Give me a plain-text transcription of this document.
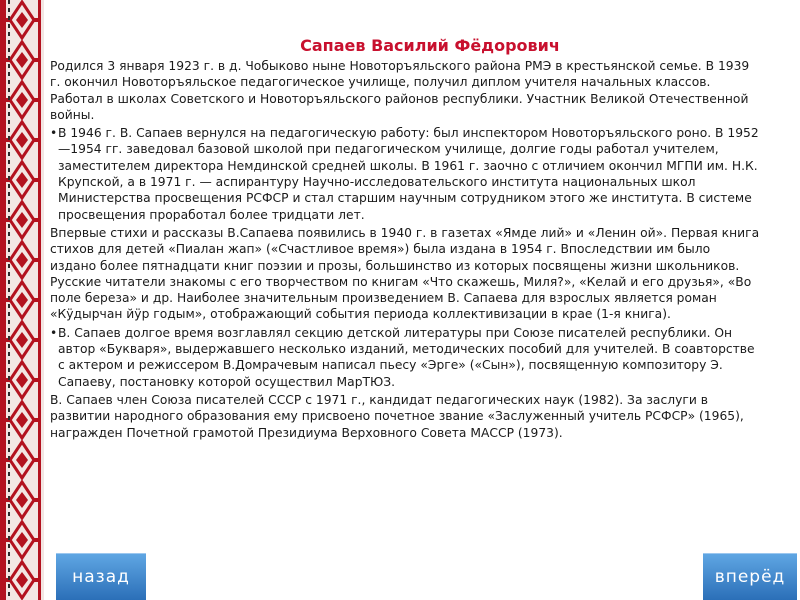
Сапаев Василий Фёдорович

Родился 3 января 1923 г. в д. Чобыково ныне Новоторъяльского района РМЭ в крестьянской семье. В 1939 г. окончил Новоторъяльское педагогическое училище, получил диплом учителя начальных классов. Работал в школах Советского и Новоторъяльского районов республики. Участник Великой Отечественной войны.

•В 1946 г. В. Сапаев вернулся на педагогическую работу: был инспектором Новоторъяльского роно. В 1952—1954 гг. заведовал базовой школой при педагогическом училище, долгие годы работал учителем, заместителем директора Немдинской средней школы. В 1961 г. заочно с отличием окончил МГПИ им. Н.К. Крупской, а в 1971 г. — аспирантуру Научно-исследовательского института национальных школ Министерства просвещения РСФСР и стал старшим научным сотрудником этого же института. В системе просвещения проработал более тридцати лет.

Впервые стихи и рассказы В.Сапаева появились в 1940 г. в газетах «Ямде лий» и «Ленин ой». Первая книга стихов для детей «Пиалан жап» («Счастливое время») была издана в 1954 г. Впоследствии им было издано более пятнадцати книг поэзии и прозы, большинство из которых посвящены жизни школьников. Русские читатели знакомы с его творчеством по книгам «Что скажешь, Миля?», «Келай и его друзья», «Во поле береза» и др. Наиболее значительным произведением В. Сапаева для взрослых является роман «Кӱдырчан йӱр годым», отображающий события периода коллективизации в крае (1-я книга).

•В. Сапаев долгое время возглавлял секцию детской литературы при Союзе писателей республики. Он автор «Букваря», выдержавшего несколько изданий, методических пособий для учителей. В соавторстве с актером и режиссером В.Домрачевым написал пьесу «Эрге» («Сын»), посвященную композитору Э. Сапаеву, постановку которой осуществил МарТЮЗ.

В. Сапаев член Союза писателей СССР с 1971 г., кандидат педагогических наук (1982). За заслуги в развитии народного образования ему присвоено почетное звание «Заслуженный учитель РСФСР» (1965), награжден Почетной грамотой Президиума Верховного Совета МАССР (1973).

назад	вперёд
